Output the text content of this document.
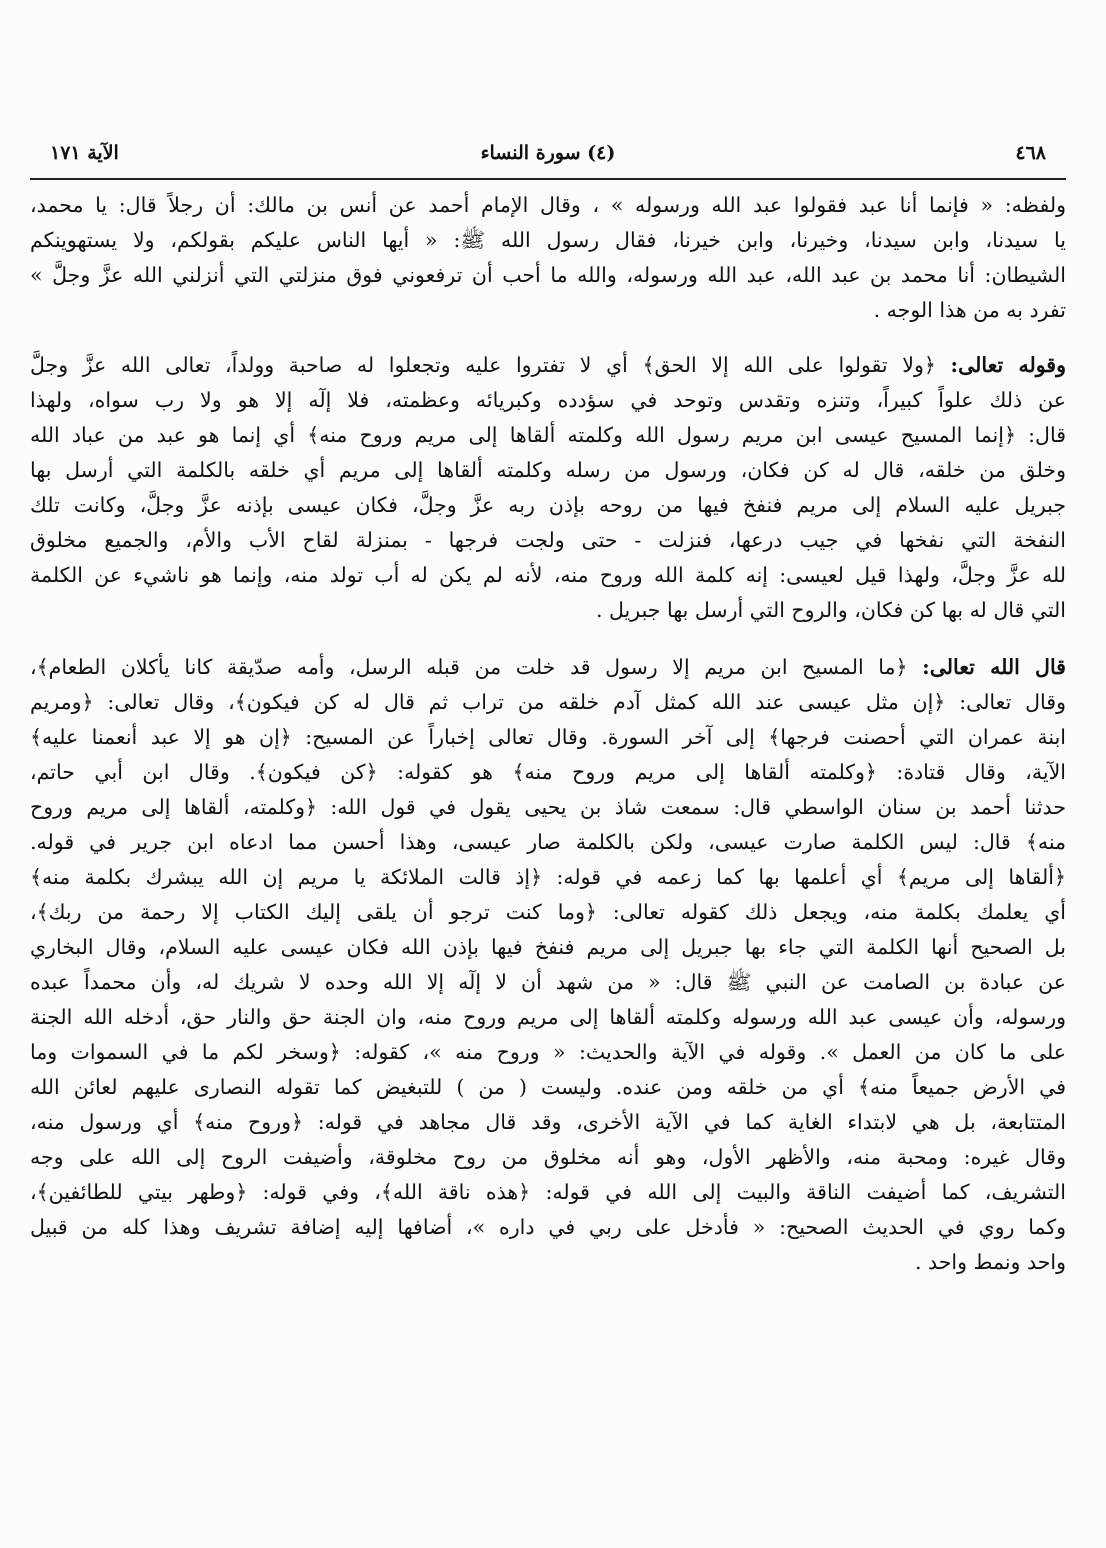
٤٦٨
(٤) سورة النساء
الآية ١٧١
ولفظه: « فإنما أنا عبد فقولوا عبد الله ورسوله » ، وقال الإمام أحمد عن أنس بن مالك: أن رجلاً قال: يا محمد،
يا سيدنا، وابن سيدنا، وخيرنا، وابن خيرنا، فقال رسول الله ﷺ: « أيها الناس عليكم بقولكم، ولا يستهوينكم
الشيطان: أنا محمد بن عبد الله، عبد الله ورسوله، والله ما أحب أن ترفعوني فوق منزلتي التي أنزلني الله عزَّ وجلَّ »
تفرد به من هذا الوجه .
وقوله تعالى: ﴿ولا تقولوا على الله إلا الحق﴾ أي لا تفتروا عليه وتجعلوا له صاحبة وولداً، تعالى الله عزَّ وجلَّ
عن ذلك علواً كبيراً، وتنزه وتقدس وتوحد في سؤدده وكبريائه وعظمته، فلا إلٓه إلا هو ولا رب سواه، ولهذا
قال: ﴿إنما المسيح عيسى ابن مريم رسول الله وكلمته ألقاها إلى مريم وروح منه﴾ أي إنما هو عبد من عباد الله
وخلق من خلقه، قال له كن فكان، ورسول من رسله وكلمته ألقاها إلى مريم أي خلقه بالكلمة التي أرسل بها
جبريل عليه السلام إلى مريم فنفخ فيها من روحه بإذن ربه عزَّ وجلَّ، فكان عيسى بإذنه عزَّ وجلَّ، وكانت تلك
النفخة التي نفخها في جيب درعها، فنزلت - حتى ولجت فرجها - بمنزلة لقاح الأب والأم، والجميع مخلوق
لله عزَّ وجلَّ، ولهذا قيل لعيسى: إنه كلمة الله وروح منه، لأنه لم يكن له أب تولد منه، وإنما هو ناشيء عن الكلمة
التي قال له بها كن فكان، والروح التي أرسل بها جبريل .
قال الله تعالى: ﴿ما المسيح ابن مريم إلا رسول قد خلت من قبله الرسل، وأمه صدّيقة كانا يأكلان الطعام﴾،
وقال تعالى: ﴿إن مثل عيسى عند الله كمثل آدم خلقه من تراب ثم قال له كن فيكون﴾، وقال تعالى: ﴿ومريم
ابنة عمران التي أحصنت فرجها﴾ إلى آخر السورة. وقال تعالى إخباراً عن المسيح: ﴿إن هو إلا عبد أنعمنا عليه﴾
الآية، وقال قتادة: ﴿وكلمته ألقاها إلى مريم وروح منه﴾ هو كقوله: ﴿كن فيكون﴾. وقال ابن أبي حاتم،
حدثنا أحمد بن سنان الواسطي قال: سمعت شاذ بن يحيى يقول في قول الله: ﴿وكلمته، ألقاها إلى مريم وروح
منه﴾ قال: ليس الكلمة صارت عيسى، ولكن بالكلمة صار عيسى، وهذا أحسن مما ادعاه ابن جرير في قوله.
﴿ألقاها إلى مريم﴾ أي أعلمها بها كما زعمه في قوله: ﴿إذ قالت الملائكة يا مريم إن الله يبشرك بكلمة منه﴾
أي يعلمك بكلمة منه، ويجعل ذلك كقوله تعالى: ﴿وما كنت ترجو أن يلقى إليك الكتاب إلا رحمة من ربك﴾،
بل الصحيح أنها الكلمة التي جاء بها جبريل إلى مريم فنفخ فيها بإذن الله فكان عيسى عليه السلام، وقال البخاري
عن عبادة بن الصامت عن النبي ﷺ قال: « من شهد أن لا إلٓه إلا الله وحده لا شريك له، وأن محمداً عبده
ورسوله، وأن عيسى عبد الله ورسوله وكلمته ألقاها إلى مريم وروح منه، وان الجنة حق والنار حق، أدخله الله الجنة
على ما كان من العمل ». وقوله في الآية والحديث: « وروح منه »، كقوله: ﴿وسخر لكم ما في السموات وما
في الأرض جميعاً منه﴾ أي من خلقه ومن عنده. وليست ( من ) للتبغيض كما تقوله النصارى عليهم لعائن الله
المتتابعة، بل هي لابتداء الغاية كما في الآية الأخرى، وقد قال مجاهد في قوله: ﴿وروح منه﴾ أي ورسول منه،
وقال غيره: ومحبة منه، والأظهر الأول، وهو أنه مخلوق من روح مخلوقة، وأضيفت الروح إلى الله على وجه
التشريف، كما أضيفت الناقة والبيت إلى الله في قوله: ﴿هذه ناقة الله﴾، وفي قوله: ﴿وطهر بيتي للطائفين﴾،
وكما روي في الحديث الصحيح: « فأدخل على ربي في داره »، أضافها إليه إضافة تشريف وهذا كله من قبيل
واحد ونمط واحد .
